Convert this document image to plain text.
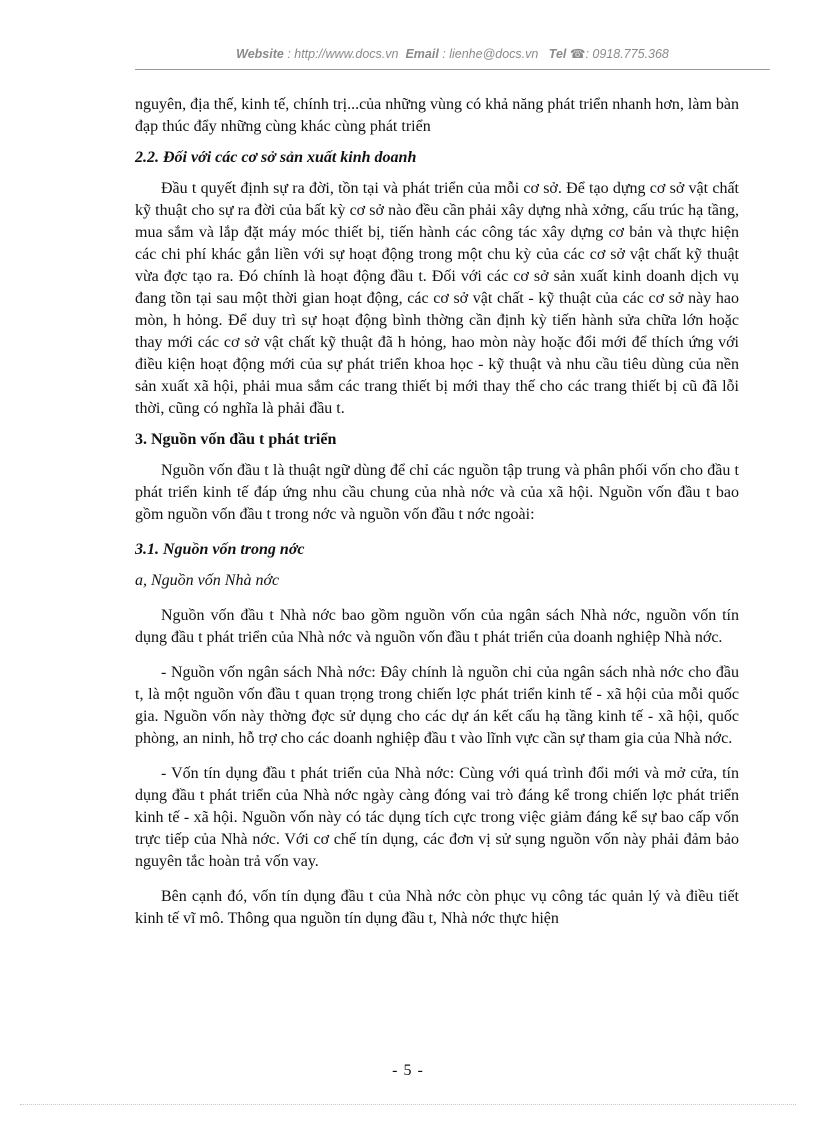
Website : http://www.docs.vn Email : lienhe@docs.vn Tel ☎: 0918.775.368

nguyên, địa thế, kinh tế, chính trị...của những vùng có khả năng phát triển nhanh hơn, làm bàn đạp thúc đẩy những cùng khác cùng phát triển

2.2. Đối với các cơ sở sản xuất kinh doanh

Đầu t quyết định sự ra đời, tồn tại và phát triển của mỗi cơ sở. Để tạo dựng cơ sở vật chất kỹ thuật cho sự ra đời của bất kỳ cơ sở nào đều cần phải xây dựng nhà xởng, cấu trúc hạ tầng, mua sắm và lắp đặt máy móc thiết bị, tiến hành các công tác xây dựng cơ bản và thực hiện các chi phí khác gắn liền với sự hoạt động trong một chu kỳ của các cơ sở vật chất kỹ thuật vừa đợc tạo ra. Đó chính là hoạt động đầu t. Đối với các cơ sở sản xuất kinh doanh dịch vụ đang tồn tại sau một thời gian hoạt động, các cơ sở vật chất - kỹ thuật của các cơ sở này hao mòn, h hỏng. Để duy trì sự hoạt động bình thờng cần định kỳ tiến hành sửa chữa lớn hoặc thay mới các cơ sở vật chất kỹ thuật đã h hỏng, hao mòn này hoặc đổi mới để thích ứng với điều kiện hoạt động mới của sự phát triển khoa học - kỹ thuật và nhu cầu tiêu dùng của nền sản xuất xã hội, phải mua sắm các trang thiết bị mới thay thế cho các trang thiết bị cũ đã lỗi thời, cũng có nghĩa là phải đầu t.

3. Nguồn vốn đầu t phát triển

Nguồn vốn đầu t là thuật ngữ dùng để chỉ các nguồn tập trung và phân phối vốn cho đầu t phát triển kinh tế đáp ứng nhu cầu chung của nhà nớc và của xã hội. Nguồn vốn đầu t bao gồm nguồn vốn đầu t trong nớc và nguồn vốn đầu t nớc ngoài:

3.1. Nguồn vốn trong nớc

a, Nguồn vốn Nhà nớc

Nguồn vốn đầu t Nhà nớc bao gồm nguồn vốn của ngân sách Nhà nớc, nguồn vốn tín dụng đầu t phát triển của Nhà nớc và nguồn vốn đầu t phát triển của doanh nghiệp Nhà nớc.

- Nguồn vốn ngân sách Nhà nớc: Đây chính là nguồn chi của ngân sách nhà nớc cho đầu t, là một nguồn vốn đầu t quan trọng trong chiến lợc phát triển kinh tế - xã hội của mỗi quốc gia. Nguồn vốn này thờng đợc sử dụng cho các dự án kết cấu hạ tầng kinh tế - xã hội, quốc phòng, an ninh, hỗ trợ cho các doanh nghiệp đầu t vào lĩnh vực cần sự tham gia của Nhà nớc.

- Vốn tín dụng đầu t phát triển của Nhà nớc: Cùng với quá trình đổi mới và mở cửa, tín dụng đầu t phát triển của Nhà nớc ngày càng đóng vai trò đáng kể trong chiến lợc phát triển kinh tế - xã hội. Nguồn vốn này có tác dụng tích cực trong việc giảm đáng kể sự bao cấp vốn trực tiếp của Nhà nớc. Với cơ chế tín dụng, các đơn vị sử sụng nguồn vốn này phải đảm bảo nguyên tắc hoàn trả vốn vay.

Bên cạnh đó, vốn tín dụng đầu t của Nhà nớc còn phục vụ công tác quản lý và điều tiết kinh tế vĩ mô. Thông qua nguồn tín dụng đầu t, Nhà nớc thực hiện

- 5 -
